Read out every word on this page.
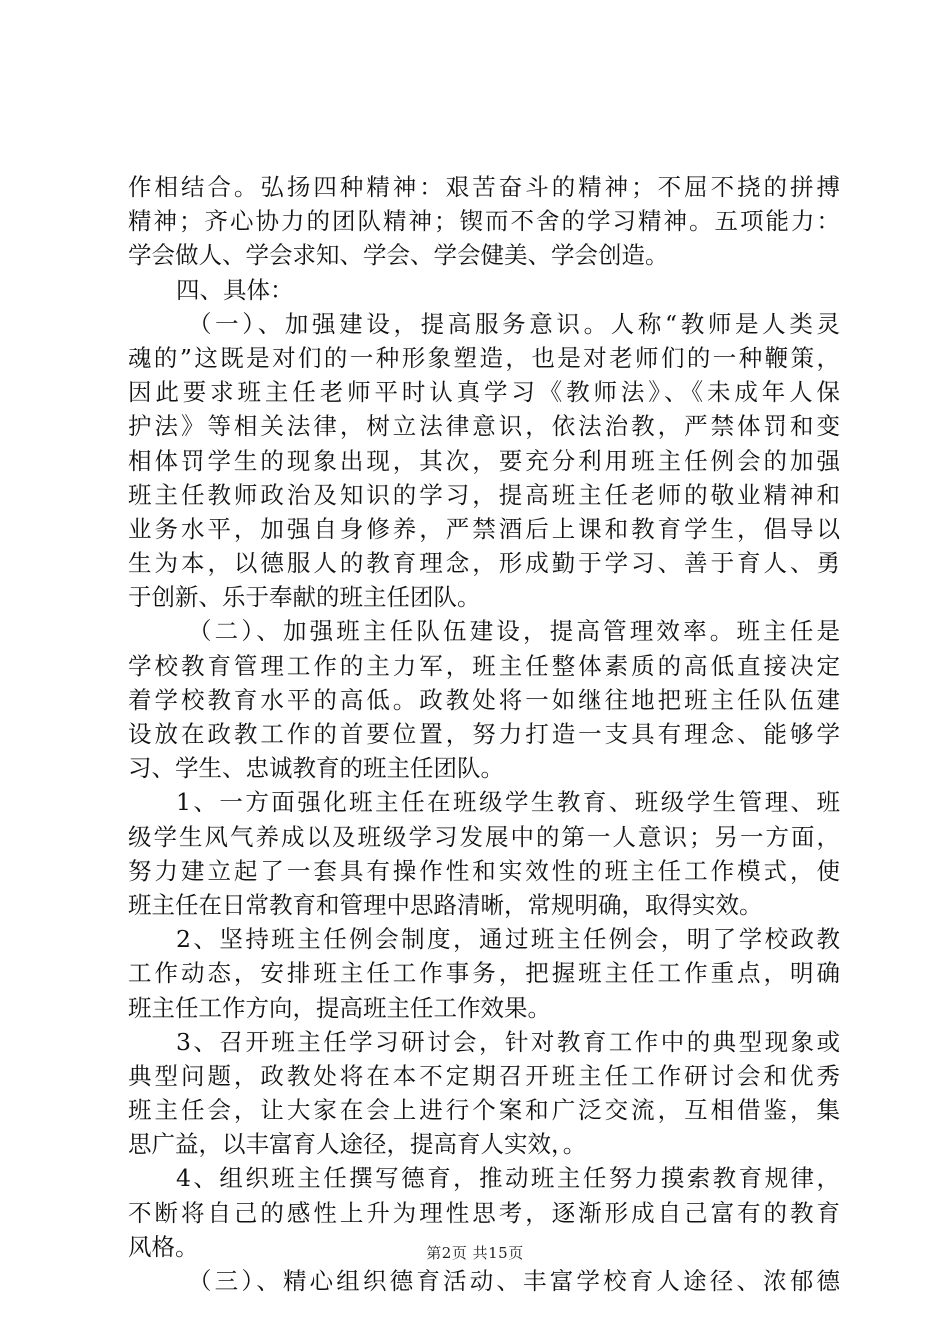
作相结合。弘扬四种精神：艰苦奋斗的精神；不屈不挠的拼搏
精神；齐心协力的团队精神；锲而不舍的学习精神。五项能力：
学会做人、学会求知、学会、学会健美、学会创造。
四、具体：
（一）、加强建设，提高服务意识。人称“教师是人类灵
魂的”这既是对们的一种形象塑造，也是对老师们的一种鞭策，
因此要求班主任老师平时认真学习《教师法》、《未成年人保
护法》等相关法律，树立法律意识，依法治教，严禁体罚和变
相体罚学生的现象出现，其次，要充分利用班主任例会的加强
班主任教师政治及知识的学习，提高班主任老师的敬业精神和
业务水平，加强自身修养，严禁酒后上课和教育学生，倡导以
生为本，以德服人的教育理念，形成勤于学习、善于育人、勇
于创新、乐于奉献的班主任团队。
（二）、加强班主任队伍建设，提高管理效率。班主任是
学校教育管理工作的主力军，班主任整体素质的高低直接决定
着学校教育水平的高低。政教处将一如继往地把班主任队伍建
设放在政教工作的首要位置，努力打造一支具有理念、能够学
习、学生、忠诚教育的班主任团队。
1、一方面强化班主任在班级学生教育、班级学生管理、班
级学生风气养成以及班级学习发展中的第一人意识；另一方面，
努力建立起了一套具有操作性和实效性的班主任工作模式，使
班主任在日常教育和管理中思路清晰，常规明确，取得实效。
2、坚持班主任例会制度，通过班主任例会，明了学校政教
工作动态，安排班主任工作事务，把握班主任工作重点，明确
班主任工作方向，提高班主任工作效果。
3、召开班主任学习研讨会，针对教育工作中的典型现象或
典型问题，政教处将在本不定期召开班主任工作研讨会和优秀
班主任会，让大家在会上进行个案和广泛交流，互相借鉴，集
思广益，以丰富育人途径，提高育人实效，。
4、组织班主任撰写德育，推动班主任努力摸索教育规律，
不断将自己的感性上升为理性思考，逐渐形成自己富有的教育
风格。
（三）、精心组织德育活动、丰富学校育人途径、浓郁德
第2页 共15页
